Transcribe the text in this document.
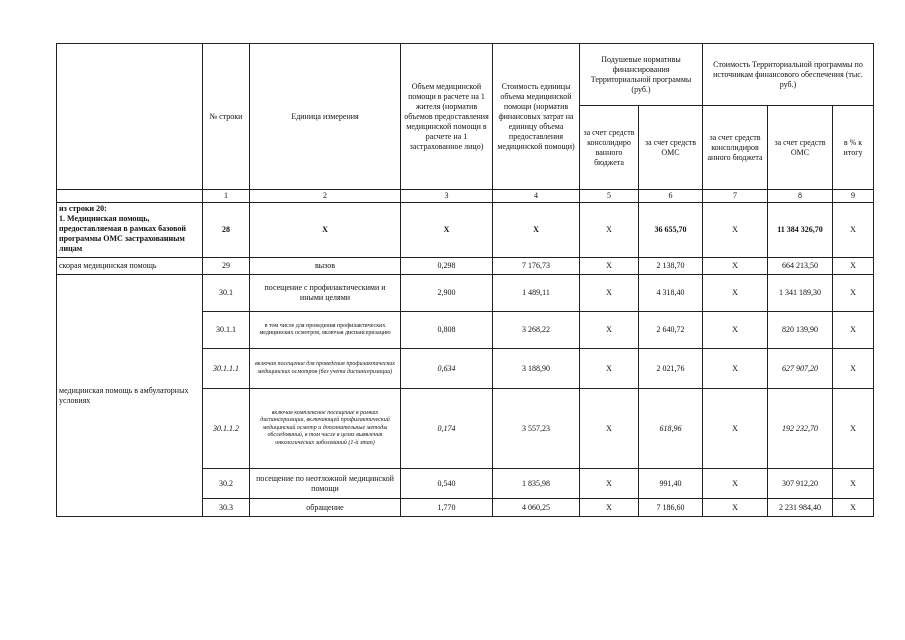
	№ строки	Единица измерения	Объем медицинской помощи в расчете на 1 жителя (норматив объемов предоставления медицинской помощи в расчете на 1 застрахованное лицо)	Стоимость единицы объема медицинской помощи (норматив финансовых затрат на единицу объема предоставления медицинской помощи)	Подушевые нормативы финансирования Территориальной программы (руб.)		Стоимость Территориальной программы по источникам финансового обеспечения (тыс. руб.)		
					за счет средств консолидиро ванного бюджета	за счет средств ОМС	за счет средств консолидиров анного бюджета	за счет средств ОМС	в % к итогу
	1	2	3	4	5	6	7	8	9
из строки 20:
1. Медицинская помощь, предоставляемая в рамках базовой программы ОМС застрахованным лицам	28	X	X	X	X	36 655,70	X	11 384 326,70	X
скорая медицинская помощь	29	вызов	0,298	7 176,73	X	2 138,70	X	664 213,50	X
медицинская помощь в амбулаторных условиях	30.1	посещение с профилактическими и иными целями	2,900	1 489,11	X	4 318,40	X	1 341 189,30	X
	30.1.1	в том числе для проведения профилактических медицинских осмотров, включая диспансеризацию	0,808	3 268,22	X	2 640,72	X	820 139,90	X
	30.1.1.1	включая посещение для проведения профилактических медицинских осмотров (без учета диспансеризации)	0,634	3 188,90	X	2 021,76	X	627 907,20	X
	30.1.1.2	включая комплексное посещение в рамках диспансеризации, включающей профилактический медицинский осмотр и дополнительные методы обследований, в том числе в целях выявления онкологических заболеваний (1-й этап)	0,174	3 557,23	X	618,96	X	192 232,70	X
	30.2	посещение по неотложной медицинской помощи	0,540	1 835,98	X	991,40	X	307 912,20	X
	30.3	обращение	1,770	4 060,25	X	7 186,60	X	2 231 984,40	X
